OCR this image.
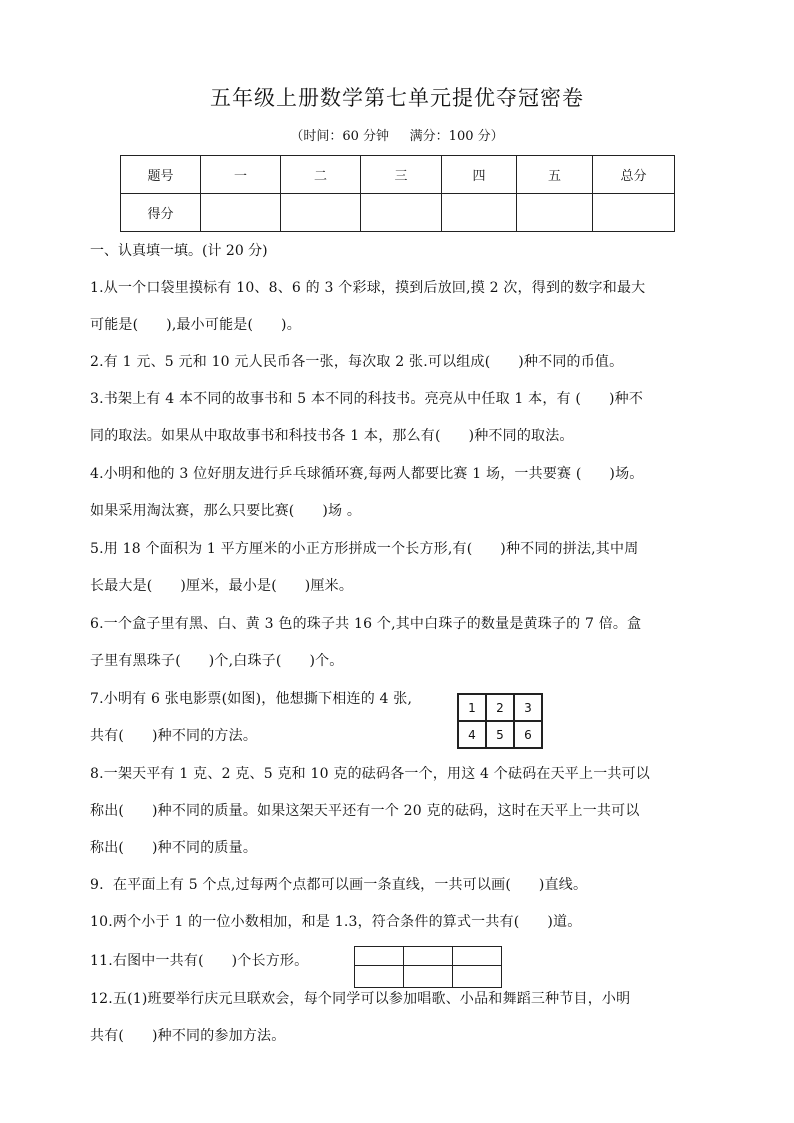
五年级上册数学第七单元提优夺冠密卷
（时间：60 分钟     满分：100 分）
题号	一	二	三	四	五	总分
得分						
一、认真填一填。(计 20 分)
1.从一个口袋里摸标有 10、8、6 的 3 个彩球，摸到后放回,摸 2 次，得到的数字和最大
可能是(      ),最小可能是(      )。
2.有 1 元、5 元和 10 元人民币各一张，每次取 2 张.可以组成(      )种不同的币值。
3.书架上有 4 本不同的故事书和 5 本不同的科技书。亮亮从中任取 1 本，有 (      )种不
同的取法。如果从中取故事书和科技书各 1 本，那么有(      )种不同的取法。
4.小明和他的 3 位好朋友进行乒乓球循环赛,每两人都要比赛 1 场，一共要赛 (      )场。
如果采用淘汰赛，那么只要比赛(      )场 。
5.用 18 个面积为 1 平方厘米的小正方形拼成一个长方形,有(      )种不同的拼法,其中周
长最大是(      )厘米，最小是(      )厘米。
6.一个盒子里有黑、白、黄 3 色的珠子共 16 个,其中白珠子的数量是黄珠子的 7 倍。盒
子里有黑珠子(      )个,白珠子(      )个。
7.小明有 6 张电影票(如图)，他想撕下相连的 4 张,
共有(      )种不同的方法。
1	2	3
4	5	6
8.一架天平有 1 克、2 克、5 克和 10 克的砝码各一个，用这 4 个砝码在天平上一共可以
称出(      )种不同的质量。如果这架天平还有一个 20 克的砝码，这时在天平上一共可以
称出(      )种不同的质量。
9.  在平面上有 5 个点,过每两个点都可以画一条直线，一共可以画(      )直线。
10.两个小于 1 的一位小数相加，和是 1.3，符合条件的算式一共有(      )道。
11.右图中一共有(      )个长方形。
12.五(1)班要举行庆元旦联欢会，每个同学可以参加唱歌、小品和舞蹈三种节目，小明
共有(      )种不同的参加方法。
